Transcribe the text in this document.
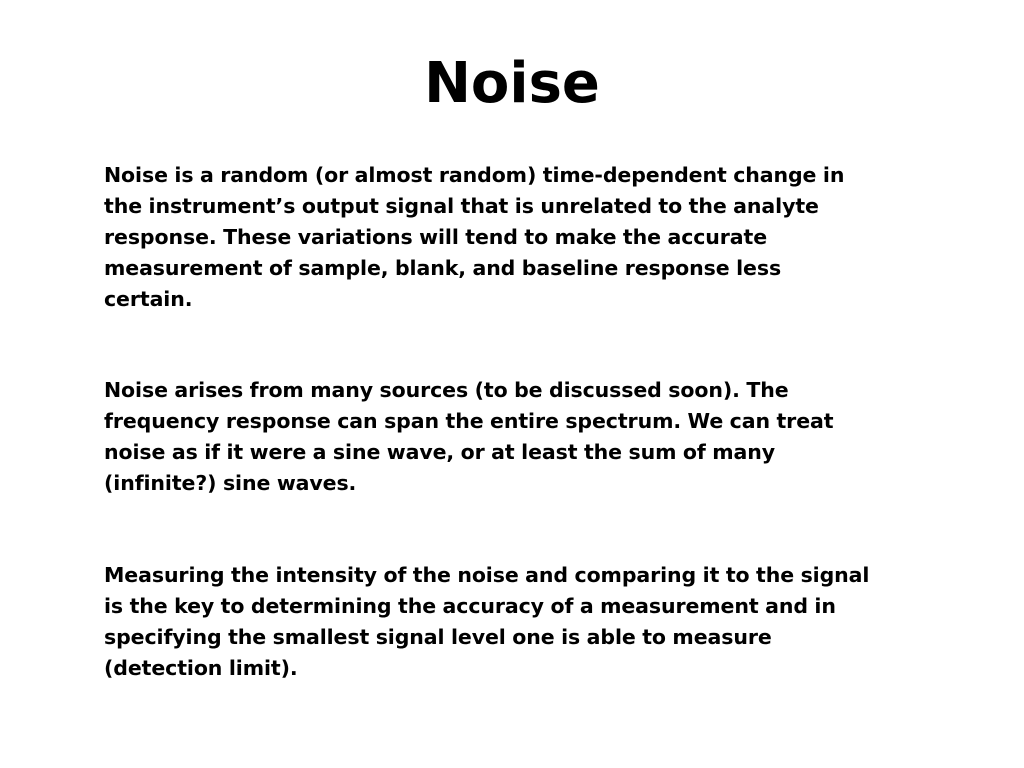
Noise

Noise is a random (or almost random) time-dependent change in
the instrument’s output signal that is unrelated to the analyte
response. These variations will tend to make the accurate
measurement of sample, blank, and baseline response less
certain.

Noise arises from many sources (to be discussed soon). The
frequency response can span the entire spectrum. We can treat
noise as if it were a sine wave, or at least the sum of many
(infinite?) sine waves.

Measuring the intensity of the noise and comparing it to the signal
is the key to determining the accuracy of a measurement and in
specifying the smallest signal level one is able to measure
(detection limit).
